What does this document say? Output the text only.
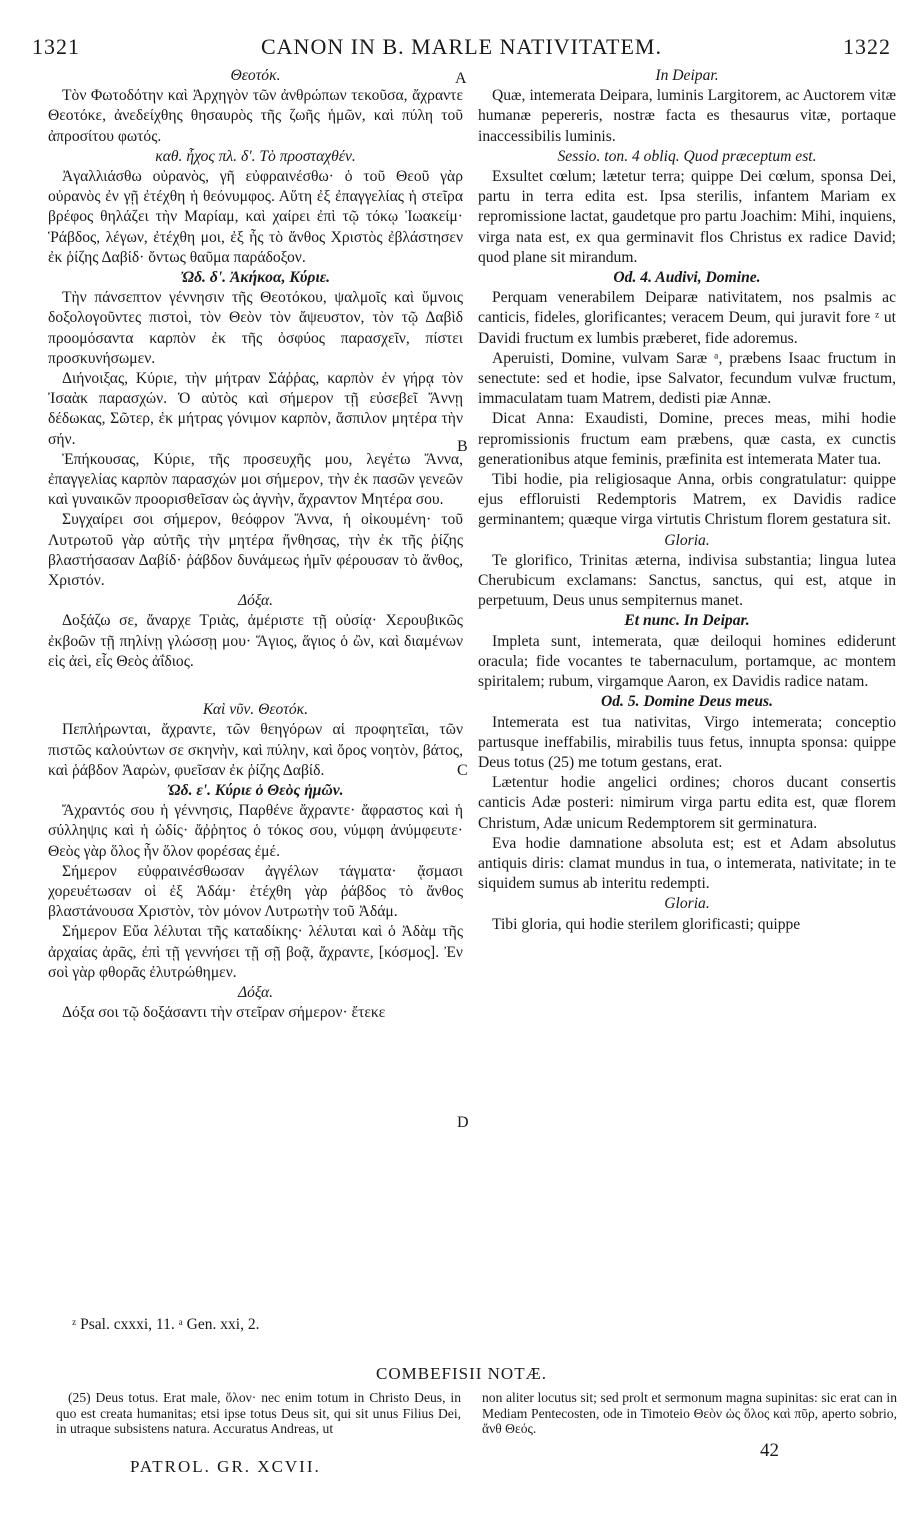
1321	CANON IN B. MARLE NATIVITATEM.	1322
A
B
C
D

Θεοτόκ.

Τὸν Φωτοδότην καὶ Ἀρχηγὸν τῶν ἀνθρώπων τεκοῦσα, ἄχραντε Θεοτόκε, ἀνεδείχθης θησαυρὸς τῆς ζωῆς ἡμῶν, καὶ πύλη τοῦ ἀπροσίτου φωτός.

καθ. ἦχος πλ. δ'. Τὸ προσταχθέν.

Ἀγαλλιάσθω οὐρανὸς, γῆ εὐφραινέσθω· ὁ τοῦ Θεοῦ γὰρ οὐρανὸς ἐν γῇ ἐτέχθη ἡ θεόνυμφος. Αὕτη ἐξ ἐπαγγελίας ἡ στεῖρα βρέφος θηλάζει τὴν Μαρίαμ, καὶ χαίρει ἐπὶ τῷ τόκῳ Ἰωακείμ· Ῥάβδος, λέγων, ἐτέχθη μοι, ἐξ ἧς τὸ ἄνθος Χριστὸς ἐβλάστησεν ἐκ ῥίζης Δαβίδ· ὄντως θαῦμα παράδοξον.

Ὠδ. δ'. Ἀκήκοα, Κύριε.

Τὴν πάνσεπτον γέννησιν τῆς Θεοτόκου, ψαλμοῖς καὶ ὕμνοις δοξολογοῦντες πιστοὶ, τὸν Θεὸν τὸν ἄψευστον, τὸν τῷ Δαβὶδ προομόσαντα καρπὸν ἐκ τῆς ὀσφύος παρασχεῖν, πίστει προσκυνήσωμεν.

Διήνοιξας, Κύριε, τὴν μήτραν Σάῤῥας, καρπὸν ἐν γήρᾳ τὸν Ἰσαὰκ παρασχών. Ὁ αὐτὸς καὶ σήμερον τῇ εὐσεβεῖ Ἄννῃ δέδωκας, Σῶτερ, ἐκ μήτρας γόνιμον καρπὸν, ἄσπιλον μητέρα τὴν σήν.

Ἐπήκουσας, Κύριε, τῆς προσευχῆς μου, λεγέτω Ἄννα, ἐπαγγελίας καρπὸν παρασχών μοι σήμερον, τὴν ἐκ πασῶν γενεῶν καὶ γυναικῶν προορισθεῖσαν ὡς ἁγνὴν, ἄχραντον Μητέρα σου.

Συγχαίρει σοι σήμερον, θεόφρον Ἄννα, ἡ οἰκουμένη· τοῦ Λυτρωτοῦ γὰρ αὐτῆς τὴν μητέρα ἤνθησας, τὴν ἐκ τῆς ῥίζης βλαστήσασαν Δαβίδ· ῥάβδον δυνάμεως ἡμῖν φέρουσαν τὸ ἄνθος, Χριστόν.

Δόξα.

Δοξάζω σε, ἄναρχε Τριὰς, ἀμέριστε τῇ οὐσίᾳ· Χερουβικῶς ἐκβοῶν τῇ πηλίνῃ γλώσσῃ μου· Ἅγιος, ἅγιος ὁ ὢν, καὶ διαμένων εἰς ἀεὶ, εἷς Θεὸς ἀΐδιος.

Καὶ νῦν. Θεοτόκ.

Πεπλήρωνται, ἄχραντε, τῶν θεηγόρων αἱ προφητεῖαι, τῶν πιστῶς καλούντων σε σκηνὴν, καὶ πύλην, καὶ ὄρος νοητὸν, βάτος, καὶ ῥάβδον Ἀαρὼν, φυεῖσαν ἐκ ῥίζης Δαβίδ.

Ὠδ. ε'. Κύριε ὁ Θεὸς ἡμῶν.

Ἄχραντός σου ἡ γέννησις, Παρθένε ἄχραντε· ἄφραστος καὶ ἡ σύλληψις καὶ ἡ ὠδίς· ἄῤῥητος ὁ τόκος σου, νύμφη ἀνύμφευτε· Θεὸς γὰρ ὅλος ἦν ὅλον φορέσας ἐμέ.

Σήμερον εὐφραινέσθωσαν ἀγγέλων τάγματα· ᾄσμασι χορευέτωσαν οἱ ἐξ Ἀδάμ· ἐτέχθη γὰρ ῥάβδος τὸ ἄνθος βλαστάνουσα Χριστὸν, τὸν μόνον Λυτρωτὴν τοῦ Ἀδάμ.

Σήμερον Εὔα λέλυται τῆς καταδίκης· λέλυται καὶ ὁ Ἀδὰμ τῆς ἀρχαίας ἀρᾶς, ἐπὶ τῇ γεννήσει τῇ σῇ βοᾷ, ἄχραντε, [κόσμος]. Ἐν σοὶ γὰρ φθορᾶς ἐλυτρώθημεν.

Δόξα.

Δόξα σοι τῷ δοξάσαντι τὴν στεῖραν σήμερον· ἔτεκε

In Deipar.

Quæ, intemerata Deipara, luminis Largitorem, ac Auctorem vitæ humanæ pepereris, nostræ facta es thesaurus vitæ, portaque inaccessibilis luminis.

Sessio. ton. 4 obliq. Quod præceptum est.

Exsultet cœlum; lætetur terra; quippe Dei cœlum, sponsa Dei, partu in terra edita est. Ipsa sterilis, infantem Mariam ex repromissione lactat, gaudetque pro partu Joachim: Mihi, inquiens, virga nata est, ex qua germinavit flos Christus ex radice David; quod plane sit mirandum.

Od. 4. Audivi, Domine.

Perquam venerabilem Deiparæ nativitatem, nos psalmis ac canticis, fideles, glorificantes; veracem Deum, qui juravit fore ᶻ ut Davidi fructum ex lumbis præberet, fide adoremus.

Aperuisti, Domine, vulvam Saræ ᵃ, præbens Isaac fructum in senectute: sed et hodie, ipse Salvator, fecundum vulvæ fructum, immaculatam tuam Matrem, dedisti piæ Annæ.

Dicat Anna: Exaudisti, Domine, preces meas, mihi hodie repromissionis fructum eam præbens, quæ casta, ex cunctis generationibus atque feminis, præfinita est intemerata Mater tua.

Tibi hodie, pia religiosaque Anna, orbis congratulatur: quippe ejus effloruisti Redemptoris Matrem, ex Davidis radice germinantem; quæque virga virtutis Christum florem gestatura sit.

Gloria.

Te glorifico, Trinitas æterna, indivisa substantia; lingua lutea Cherubicum exclamans: Sanctus, sanctus, qui est, atque in perpetuum, Deus unus sempiternus manet.

Et nunc. In Deipar.

Impleta sunt, intemerata, quæ deiloqui homines ediderunt oracula; fide vocantes te tabernaculum, portamque, ac montem spiritalem; rubum, virgamque Aaron, ex Davidis radice natam.

Od. 5. Domine Deus meus.

Intemerata est tua nativitas, Virgo intemerata; conceptio partusque ineffabilis, mirabilis tuus fetus, innupta sponsa: quippe Deus totus (25) me totum gestans, erat.

Lætentur hodie angelici ordines; choros ducant consertis canticis Adæ posteri: nimirum virga partu edita est, quæ florem Christum, Adæ unicum Redemptorem sit germinatura.

Eva hodie damnatione absoluta est; est et Adam absolutus antiquis diris: clamat mundus in tua, o intemerata, nativitate; in te siquidem sumus ab interitu redempti.

Gloria.

Tibi gloria, qui hodie sterilem glorificasti; quippe

ᶻ Psal. cxxxi, 11. ᵃ Gen. xxi, 2.
COMBEFISII NOTÆ.

(25) Deus totus. Erat male, ὅλον· nec enim totum in Christo Deus, in quo est creata humanitas; etsi ipse totus Deus sit, qui sit unus Filius Dei, in utraque subsistens natura. Accuratus Andreas, ut

non aliter locutus sit; sed prolt et sermonum magna supinitas: sic erat can in Mediam Pentecosten, ode in Timoteio Θεὸν ὡς ὅλος καὶ πῦρ, aperto sobrio, ἄνθ Θεός.

PATROL. GR. XCVII.
42
